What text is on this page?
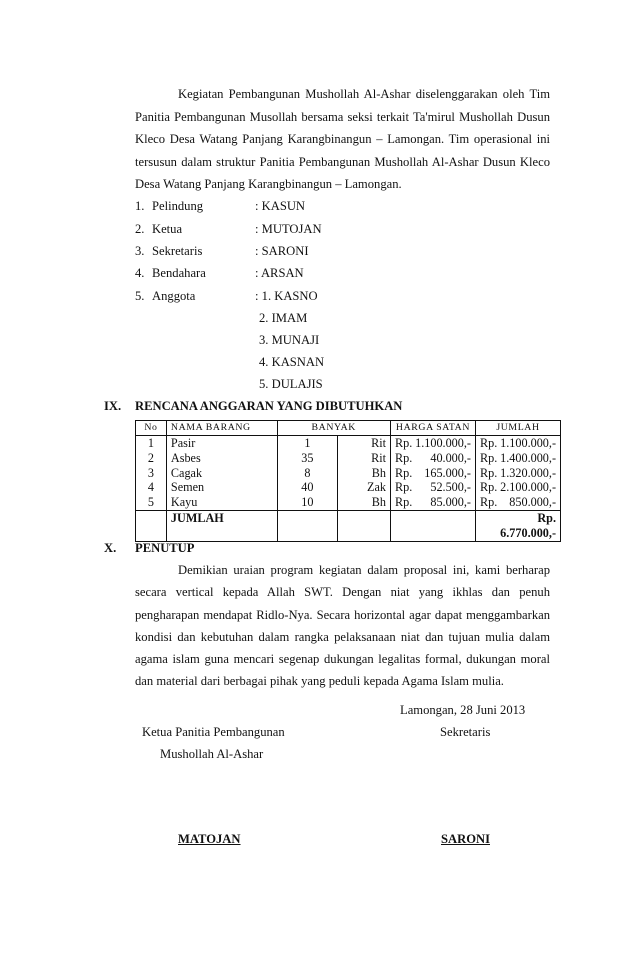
Kegiatan Pembangunan Mushollah Al-Ashar diselenggarakan oleh Tim
Panitia Pembangunan Musollah bersama seksi terkait Ta'mirul Mushollah Dusun
Kleco Desa Watang Panjang Karangbinangun – Lamongan. Tim operasional ini
tersusun dalam struktur Panitia Pembangunan Mushollah Al-Ashar Dusun Kleco
Desa Watang Panjang Karangbinangun – Lamongan.
1. Pelindung	: KASUN
2. Ketua	: MUTOJAN
3. Sekretaris	: SARONI
4. Bendahara	: ARSAN
5. Anggota	: 1. KASNO
2. IMAM
3. MUNAJI
4. KASNAN
5. DULAJIS
IX. RENCANA ANGGARAN YANG DIBUTUHKAN
No	NAMA BARANG	BANYAK		HARGA SATAN	JUMLAH
1	Pasir	1	Rit	Rp. 1.100.000,-	Rp. 1.100.000,-

2	Asbes	35	Rit	Rp. 40.000,-	Rp. 1.400.000,-

3	Cagak	8	Bh	Rp. 165.000,-	Rp. 1.320.000,-

4	Semen	40	Zak	Rp. 52.500,-	Rp. 2.100.000,-

5	Kayu	10	Bh	Rp. 85.000,-	Rp. 850.000,-

	JUMLAH				Rp. 6.770.000,-
X. PENUTUP
Demikian uraian program kegiatan dalam proposal ini, kami berharap
secara vertical kepada Allah SWT. Dengan niat yang ikhlas dan penuh
pengharapan mendapat Ridlo-Nya. Secara horizontal agar dapat menggambarkan
kondisi dan kebutuhan dalam rangka pelaksanaan niat dan tujuan mulia dalam
agama islam guna mencari segenap dukungan legalitas formal, dukungan moral
dan material dari berbagai pihak yang peduli kepada Agama Islam mulia.
Lamongan, 28 Juni 2013
Ketua Panitia Pembangunan	Sekretaris
Mushollah Al-Ashar
MATOJAN	SARONI
